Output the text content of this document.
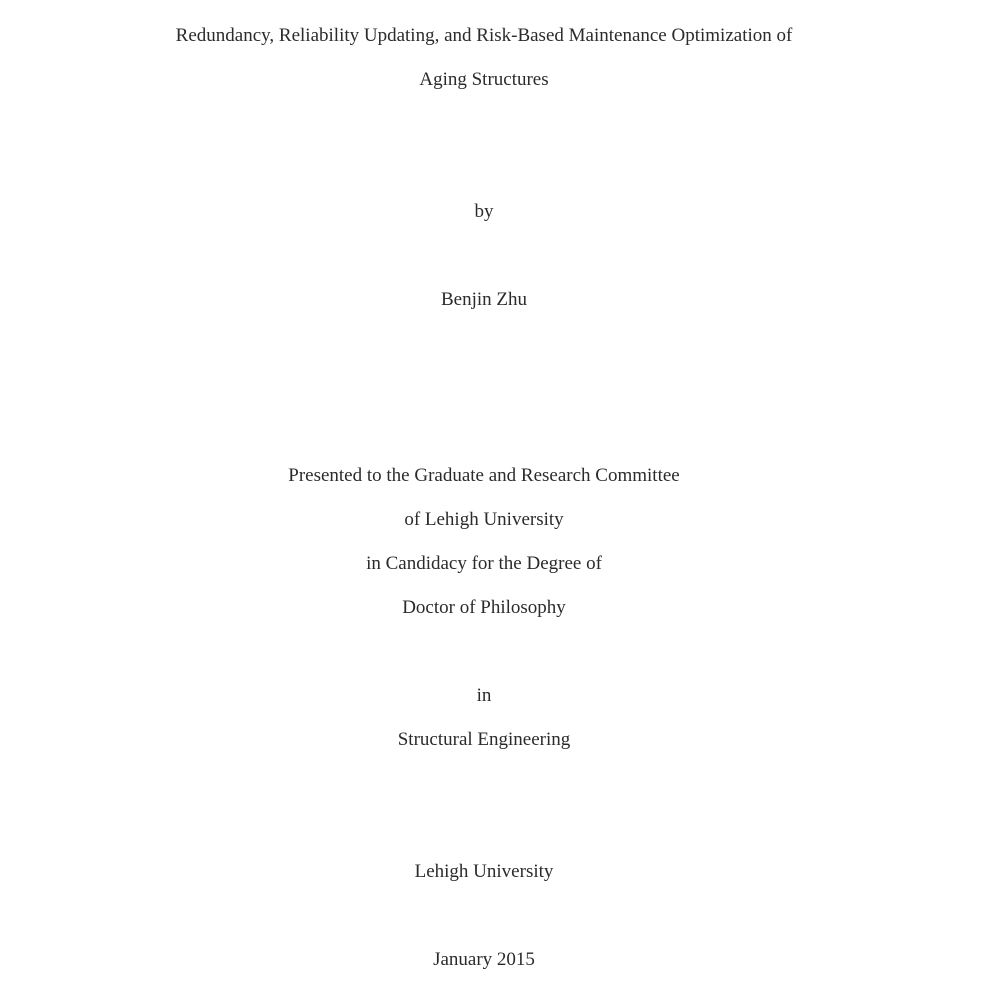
Redundancy, Reliability Updating, and Risk-Based Maintenance Optimization of
Aging Structures
by
Benjin Zhu
Presented to the Graduate and Research Committee
of Lehigh University
in Candidacy for the Degree of
Doctor of Philosophy
in
Structural Engineering
Lehigh University
January 2015
